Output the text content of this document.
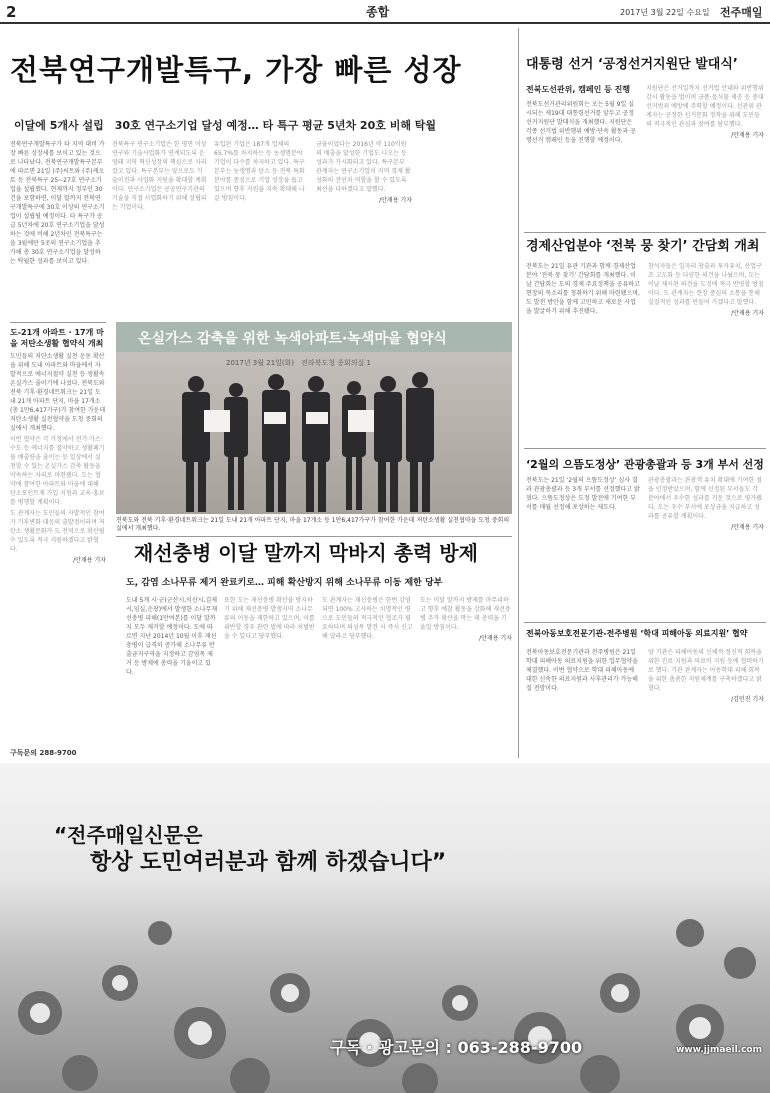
2	종합	2017년 3월 22일 수요일 전주매일
전북연구개발특구, 가장 빠른 성장
이달에 5개사 설립　30호 연구소기업 달성 예정… 타 특구 평균 5년차 20호 비해 탁월

전북연구개발특구가 타 지역 대비 가장 빠른 성장세를 보이고 있는 것으로 나타났다. 전북연구개발특구본부에 따르면 21일 (주)씨트와 (주)케오토 등 전북특구 25~27호 연구소기업을 설립했다. 현재까지 정부인 30건을 포함하면, 이달 말까지 전북연구개발특구에 30호 이상의 연구소기업이 설립될 예정이다. 타 특구가 공급 5년차에 20호 연구소기업을 달성하는 것에 비해 2년차인 전북특구는 올 3월에만 5곳의 연구소기업을 추가해 총 30호 연구소기업을 달성하는 탁월한 성과를 보이고 있다.

전북특구 연구소기업은 한 평면 이상 연구와 기술사업화가 연계되도록 운영돼 지역 혁신성장의 핵심으로 자리잡고 있다. 특구본부는 앞으로도 기술이전과 사업화 지원을 확대할 계획이다. 연구소기업은 공공연구기관의 기술을 직접 사업화하기 위해 설립되는 기업이다.

유입된 기업은 187개 업체의 65.7%를 차지하는 등 농생명분야 기업이 다수를 차지하고 있다. 특구본부는 농생명과 탄소 등 전북 특화분야를 중심으로 기업 성장을 돕고 있으며 향후 지원을 지속 확대해 나갈 방침이다.

금융이었다는 2016년 약 110억원의 매출을 달성한 기업도 나오는 등 성과가 가시화되고 있다. 특구본부 관계자는 연구소기업이 지역 경제 활성화의 견인차 역할을 할 수 있도록 최선을 다하겠다고 말했다.

/안재용 기자

도-21개 아파트 · 17개 마을 저탄소생활 협약식 개최

도민들의 저탄소생활 실천 운동 확산을 위해 도내 아파트와 마을에서 자발적으로 에너지절약 실천 등 생활속 온실가스 줄이기에 나섰다. 전북도와 전북 기후·환경네트워크는 21일 도내 21개 아파트 단지, 마을 17개소(총 1만6,417가구)가 참여한 가운데 저탄소생활 실천협약을 도청 중회의실에서 개최했다.

이번 협약은 각 가정에서 전기·가스·수도 등 에너지를 절약하고 생활폐기물 배출량을 줄이는 등 일상에서 실천할 수 있는 온실가스 감축 활동을 약속하는 자리로 마련됐다. 도는 협약에 참여한 아파트와 마을에 대해 탄소포인트제 가입 지원과 교육·홍보를 병행할 계획이다.

도 관계자는 도민들의 자발적인 참여가 기후변화 대응의 출발점이라며 저탄소 생활문화가 도 전역으로 확산될 수 있도록 적극 지원하겠다고 밝혔다.

/안재용 기자

구독문의 288-9700
온실가스 감축을 위한 녹색아파트·녹색마을 협약식
2017년 3월 21일(화)　전라북도청 중회의실 1
전북도와 전북 기후·환경네트워크는 21일 도내 21개 아파트 단지, 마을 17개소 등 1만6,417가구가 참여한 가운데 저탄소생활 실천협약을 도청 중회의실에서 개최했다.
재선충병 이달 말까지 막바지 총력 방제
도, 감염 소나무류 제거 완료키로… 피해 확산방지 위해 소나무류 이동 제한 당부

도내 5개 시·군(군산시,익산시,김제시,임실,순창)에서 발생한 소나무재선충병 피해(1만여본)를 이달 말까지 모두 제거할 예정이다. 도에 따르면 지난 2014년 10월 이후 재선충병이 급격히 증가해 소나무류 반출금지구역을 지정하고 감염목 제거 등 방제에 총력을 기울이고 있다.

또한 도는 재선충병 확산을 방지하기 위해 재선충병 발생지역 소나무류의 이동을 제한하고 있으며, 이를 위반할 경우 관련 법에 따라 처벌받을 수 있다고 당부했다.

도 관계자는 재선충병은 한번 감염되면 100% 고사하는 치명적인 병으로 도민들의 적극적인 협조가 필요하다며 의심목 발견 시 즉시 신고해 달라고 당부했다.

도는 이달 말까지 방제를 마무리하고 향후 예찰 활동을 강화해 재선충병 추가 확산을 막는 데 총력을 기울일 방침이다.

/안재용 기자

대통령 선거 ‘공정선거지원단 발대식’
전북도선관위, 캠페인 등 진행

전북도선거관리위원회는 오는 5월 9일 실시되는 제19대 대통령선거를 앞두고 공정선거지원단 발대식을 개최했다. 지원단은 각종 선거법 위반행위 예방·단속 활동과 공명선거 캠페인 등을 진행할 예정이다.

지원단은 선거일까지 선거법 안내와 위반행위 감시 활동을 벌이며 금품·음식물 제공 등 중대 선거범죄 예방에 주력할 예정이다. 선관위 관계자는 공정한 선거문화 정착을 위해 도민들의 적극적인 관심과 참여를 당부했다.

/안재용 기자

경제산업분야 ‘전북 뭉 찾기’ 간담회 개최

전북도는 21일 유관 기관과 함께 경제산업분야 ‘전북 뭉 찾기’ 간담회를 개최했다. 이날 간담회는 도의 경제 주요정책을 공유하고 현장의 목소리를 청취하기 위해 마련됐으며, 도 발전 방안을 함께 고민하고 새로운 사업을 발굴하기 위해 추진됐다.

참석자들은 일자리 창출과 투자유치, 산업구조 고도화 등 다양한 의견을 나눴으며, 도는 이날 제시된 의견을 도정에 적극 반영할 방침이다. 도 관계자는 현장 중심의 소통을 통해 실질적인 성과를 만들어 가겠다고 말했다.

/안재용 기자

‘2월의 으뜸도정상’ 관광총괄과 등 3개 부서 선정

전북도는 21일 ‘2월의 으뜸도정상’ 심사 결과 관광총괄과 등 3개 부서를 선정했다고 밝혔다. 으뜸도정상은 도정 발전에 기여한 부서를 매월 선정해 포상하는 제도다.

관광총괄과는 관광객 유치 확대에 기여한 점을 인정받았으며, 함께 선정된 부서들도 각 분야에서 우수한 성과를 거둔 것으로 평가됐다. 도는 우수 부서에 포상금을 지급하고 성과를 공유할 계획이다.

/안재용 기자

전북아동보호전문기관-전주병원 ‘학대 피해아동 의료지원’ 협약

전북아동보호전문기관과 전주병원은 21일 학대 피해아동 의료지원을 위한 업무협약을 체결했다. 이번 협약으로 학대 피해아동에 대한 신속한 의료지원과 사후관리가 가능해질 전망이다.

양 기관은 피해아동의 신체적·정신적 회복을 위한 진료 지원과 의료비 지원 등에 협력하기로 했다. 기관 관계자는 아동학대 피해 회복을 위한 촘촘한 지원체계를 구축하겠다고 밝혔다.

/김민진 기자

“전주매일신문은
항상 도민여러분과 함께 하겠습니다”
구독 · 광고문의 : 063-288-9700	www.jjmaeil.com
